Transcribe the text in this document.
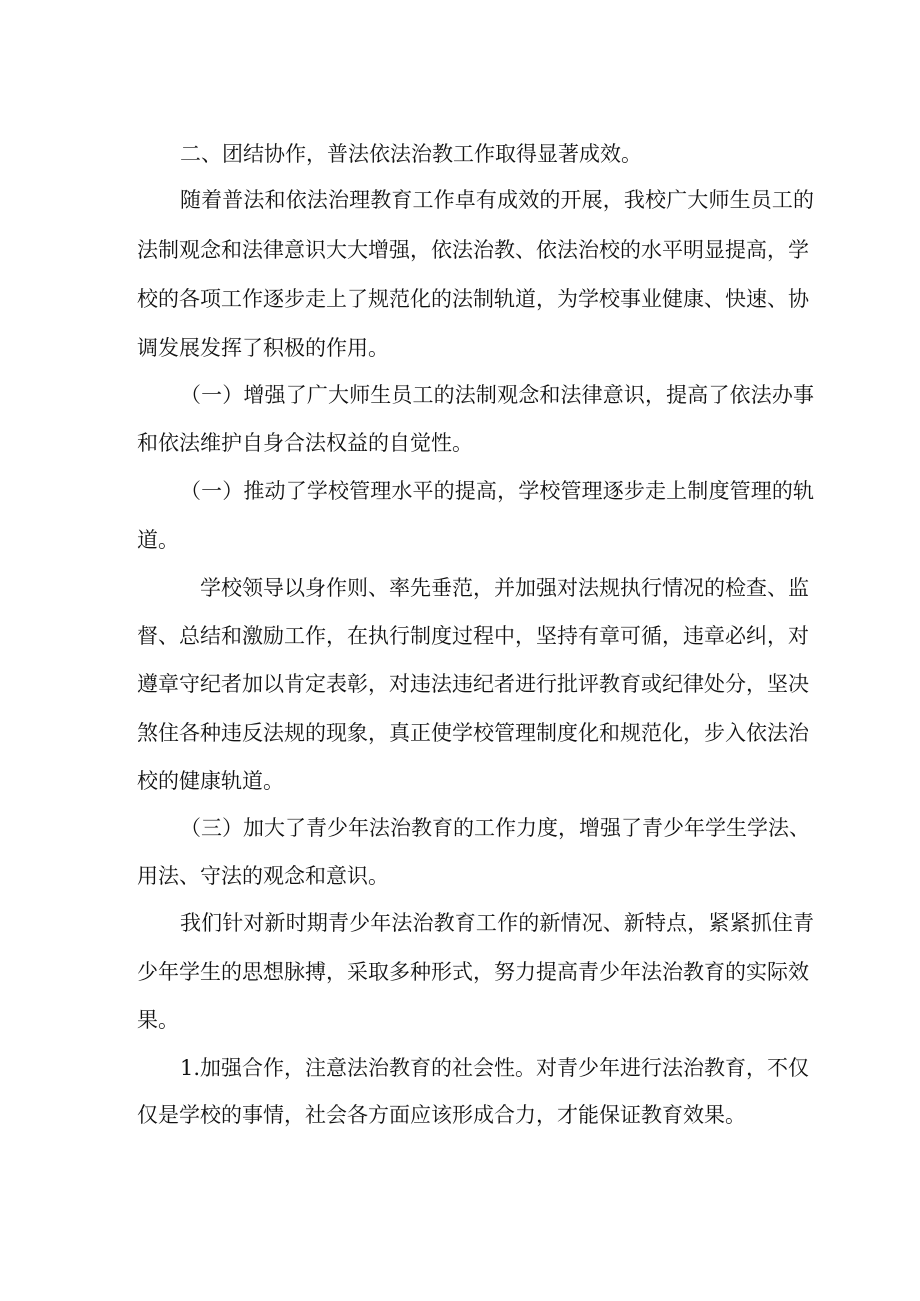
二、团结协作，普法依法治教工作取得显著成效。

随着普法和依法治理教育工作卓有成效的开展，我校广大师生员工的

法制观念和法律意识大大增强，依法治教、依法治校的水平明显提高，学

校的各项工作逐步走上了规范化的法制轨道，为学校事业健康、快速、协

调发展发挥了积极的作用。

（一）增强了广大师生员工的法制观念和法律意识，提高了依法办事

和依法维护自身合法权益的自觉性。

（一）推动了学校管理水平的提高，学校管理逐步走上制度管理的轨

道。

学校领导以身作则、率先垂范，并加强对法规执行情况的检查、监

督、总结和激励工作，在执行制度过程中，坚持有章可循，违章必纠，对

遵章守纪者加以肯定表彰，对违法违纪者进行批评教育或纪律处分，坚决

煞住各种违反法规的现象，真正使学校管理制度化和规范化，步入依法治

校的健康轨道。

（三）加大了青少年法治教育的工作力度，增强了青少年学生学法、

用法、守法的观念和意识。

我们针对新时期青少年法治教育工作的新情况、新特点，紧紧抓住青

少年学生的思想脉搏，采取多种形式，努力提高青少年法治教育的实际效

果。

1.加强合作，注意法治教育的社会性。对青少年进行法治教育，不仅

仅是学校的事情，社会各方面应该形成合力，才能保证教育效果。
